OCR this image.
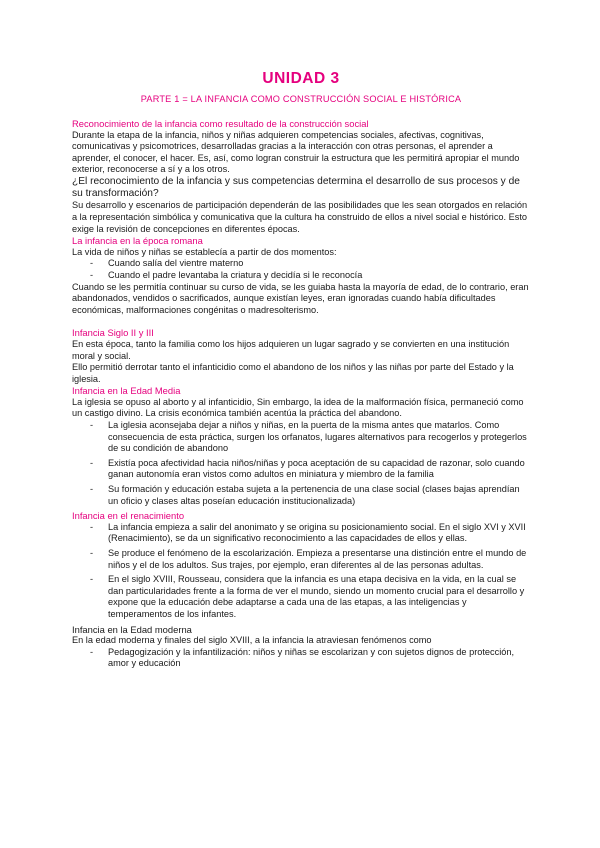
UNIDAD 3
PARTE 1 = LA INFANCIA COMO CONSTRUCCIÓN SOCIAL E HISTÓRICA
Reconocimiento de la infancia como resultado de la construcción social

Durante la etapa de la infancia, niños y niñas adquieren competencias sociales, afectivas, cognitivas, comunicativas y psicomotrices, desarrolladas gracias a la interacción con otras personas, el aprender a aprender, el conocer, el hacer. Es, así, como logran construir la estructura que les permitirá apropiar el mundo exterior, reconocerse a sí y a los otros.

¿El reconocimiento de la infancia y sus competencias determina el desarrollo de sus procesos y de su transformación?

Su desarrollo y escenarios de participación dependerán de las posibilidades que les sean otorgados en relación a la representación simbólica y comunicativa que la cultura ha construido de ellos a nivel social e histórico. Esto exige la revisión de concepciones en diferentes épocas.

La infancia en la época romana

La vida de niños y niñas se establecía a partir de dos momentos:

- Cuando salía del vientre materno
- Cuando el padre levantaba la criatura y decidía si le reconocía

Cuando se les permitía continuar su curso de vida, se les guiaba hasta la mayoría de edad, de lo contrario, eran abandonados, vendidos o sacrificados, aunque existían leyes, eran ignoradas cuando había dificultades económicas, malformaciones congénitas o madresolterismo.

Infancia Siglo II y III

En esta época, tanto la familia como los hijos adquieren un lugar sagrado y se convierten en una institución moral y social.

Ello permitió derrotar tanto el infanticidio como el abandono de los niños y las niñas por parte del Estado y la iglesia.

Infancia en la Edad Media

La iglesia se opuso al aborto y al infanticidio, Sin embargo, la idea de la malformación física, permaneció como un castigo divino. La crisis económica también acentúa la práctica del abandono.

- La iglesia aconsejaba dejar a niños y niñas, en la puerta de la misma antes que matarlos. Como consecuencia de esta práctica, surgen los orfanatos, lugares alternativos para recogerlos y protegerlos de su condición de abandono
- Existía poca afectividad hacia niños/niñas y poca aceptación de su capacidad de razonar, solo cuando ganan autonomía eran vistos como adultos en miniatura y miembro de la familia
- Su formación y educación estaba sujeta a la pertenencia de una clase social (clases bajas aprendían un oficio y clases altas poseían educación institucionalizada)
Infancia en el renacimiento
- La infancia empieza a salir del anonimato y se origina su posicionamiento social. En el siglo XVI y XVII (Renacimiento), se da un significativo reconocimiento a las capacidades de ellos y ellas.
- Se produce el fenómeno de la escolarización. Empieza a presentarse una distinción entre el mundo de niños y el de los adultos. Sus trajes, por ejemplo, eran diferentes al de las personas adultas.
- En el siglo XVIII, Rousseau, considera que la infancia es una etapa decisiva en la vida, en la cual se dan particularidades frente a la forma de ver el mundo, siendo un momento crucial para el desarrollo y expone que la educación debe adaptarse a cada una de las etapas, a las inteligencias y temperamentos de los infantes.
Infancia en la Edad moderna

En la edad moderna y finales del siglo XVIII, a la infancia la atraviesan fenómenos como

- Pedagogización y la infantilización: niños y niñas se escolarizan y con sujetos dignos de protección, amor y educación
